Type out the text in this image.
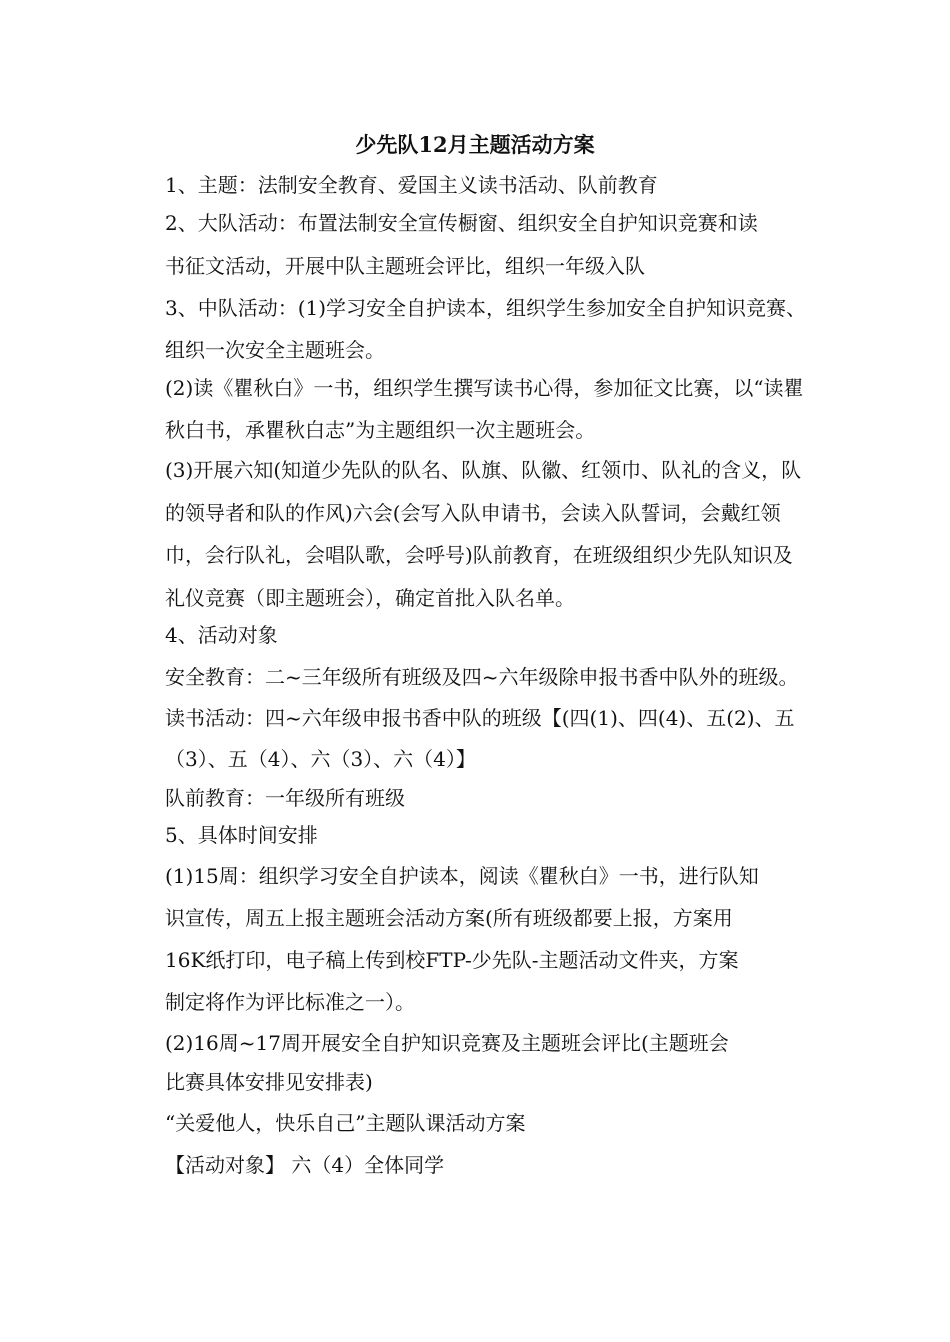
少先队12月主题活动方案
1、主题：法制安全教育、爱国主义读书活动、队前教育
2、大队活动：布置法制安全宣传橱窗、组织安全自护知识竞赛和读
书征文活动，开展中队主题班会评比，组织一年级入队
3、中队活动：(1)学习安全自护读本，组织学生参加安全自护知识竞赛、
组织一次安全主题班会。
(2)读《瞿秋白》一书，组织学生撰写读书心得，参加征文比赛，以“读瞿
秋白书，承瞿秋白志”为主题组织一次主题班会。
(3)开展六知(知道少先队的队名、队旗、队徽、红领巾、队礼的含义，队
的领导者和队的作风)六会(会写入队申请书，会读入队誓词，会戴红领
巾，会行队礼，会唱队歌，会呼号)队前教育，在班级组织少先队知识及
礼仪竞赛（即主题班会），确定首批入队名单。
4、活动对象
安全教育：二~三年级所有班级及四~六年级除申报书香中队外的班级。
读书活动：四~六年级申报书香中队的班级【(四(1)、四(4)、五(2)、五
（3）、五（4）、六（3）、六（4）】
队前教育：一年级所有班级
5、具体时间安排
(1)15周：组织学习安全自护读本，阅读《瞿秋白》一书，进行队知
识宣传，周五上报主题班会活动方案(所有班级都要上报，方案用
16K纸打印，电子稿上传到校FTP-少先队-主题活动文件夹，方案
制定将作为评比标准之一）。
(2)16周~17周开展安全自护知识竞赛及主题班会评比(主题班会
比赛具体安排见安排表)
“关爱他人，快乐自己”主题队课活动方案
【活动对象】 六（4）全体同学
